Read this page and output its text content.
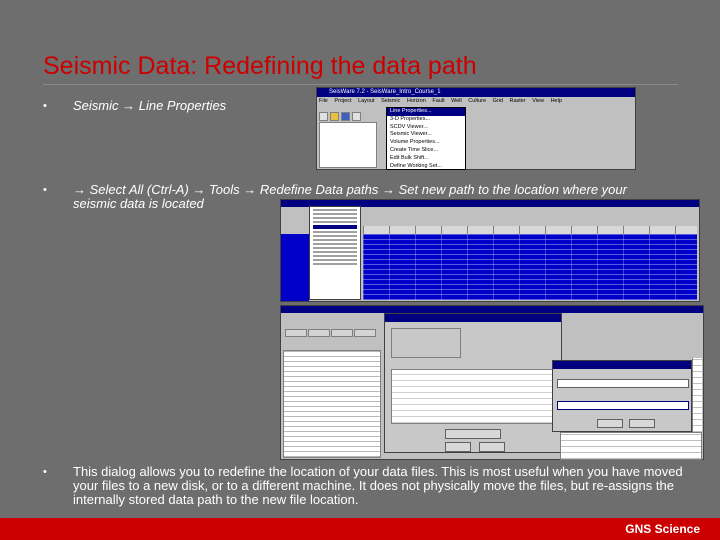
Seismic Data: Redefining the data path
• Seismic → Line Properties
SeisWare 7.2 - SeisWare_Intro_Course_1
File Project Layout Seismic Horizon Fault Well Culture Grid Raster View Help
Line Properties...
3-D Properties...
SCDV Viewer...
Seismic Viewer...
Volume Properties...
Create Time Slice...
Edit Bulk Shift...
Define Working Set...
• → Select All (Ctrl-A) → Tools → Redefine Data paths → Set new path to the location where your seismic data is located
• This dialog allows you to redefine the location of your data files. This is most useful when you have moved your files to a new disk, or to a different machine. It does not physically move the files, but re-assigns the internally stored data path to the new file location.
GNS Science
